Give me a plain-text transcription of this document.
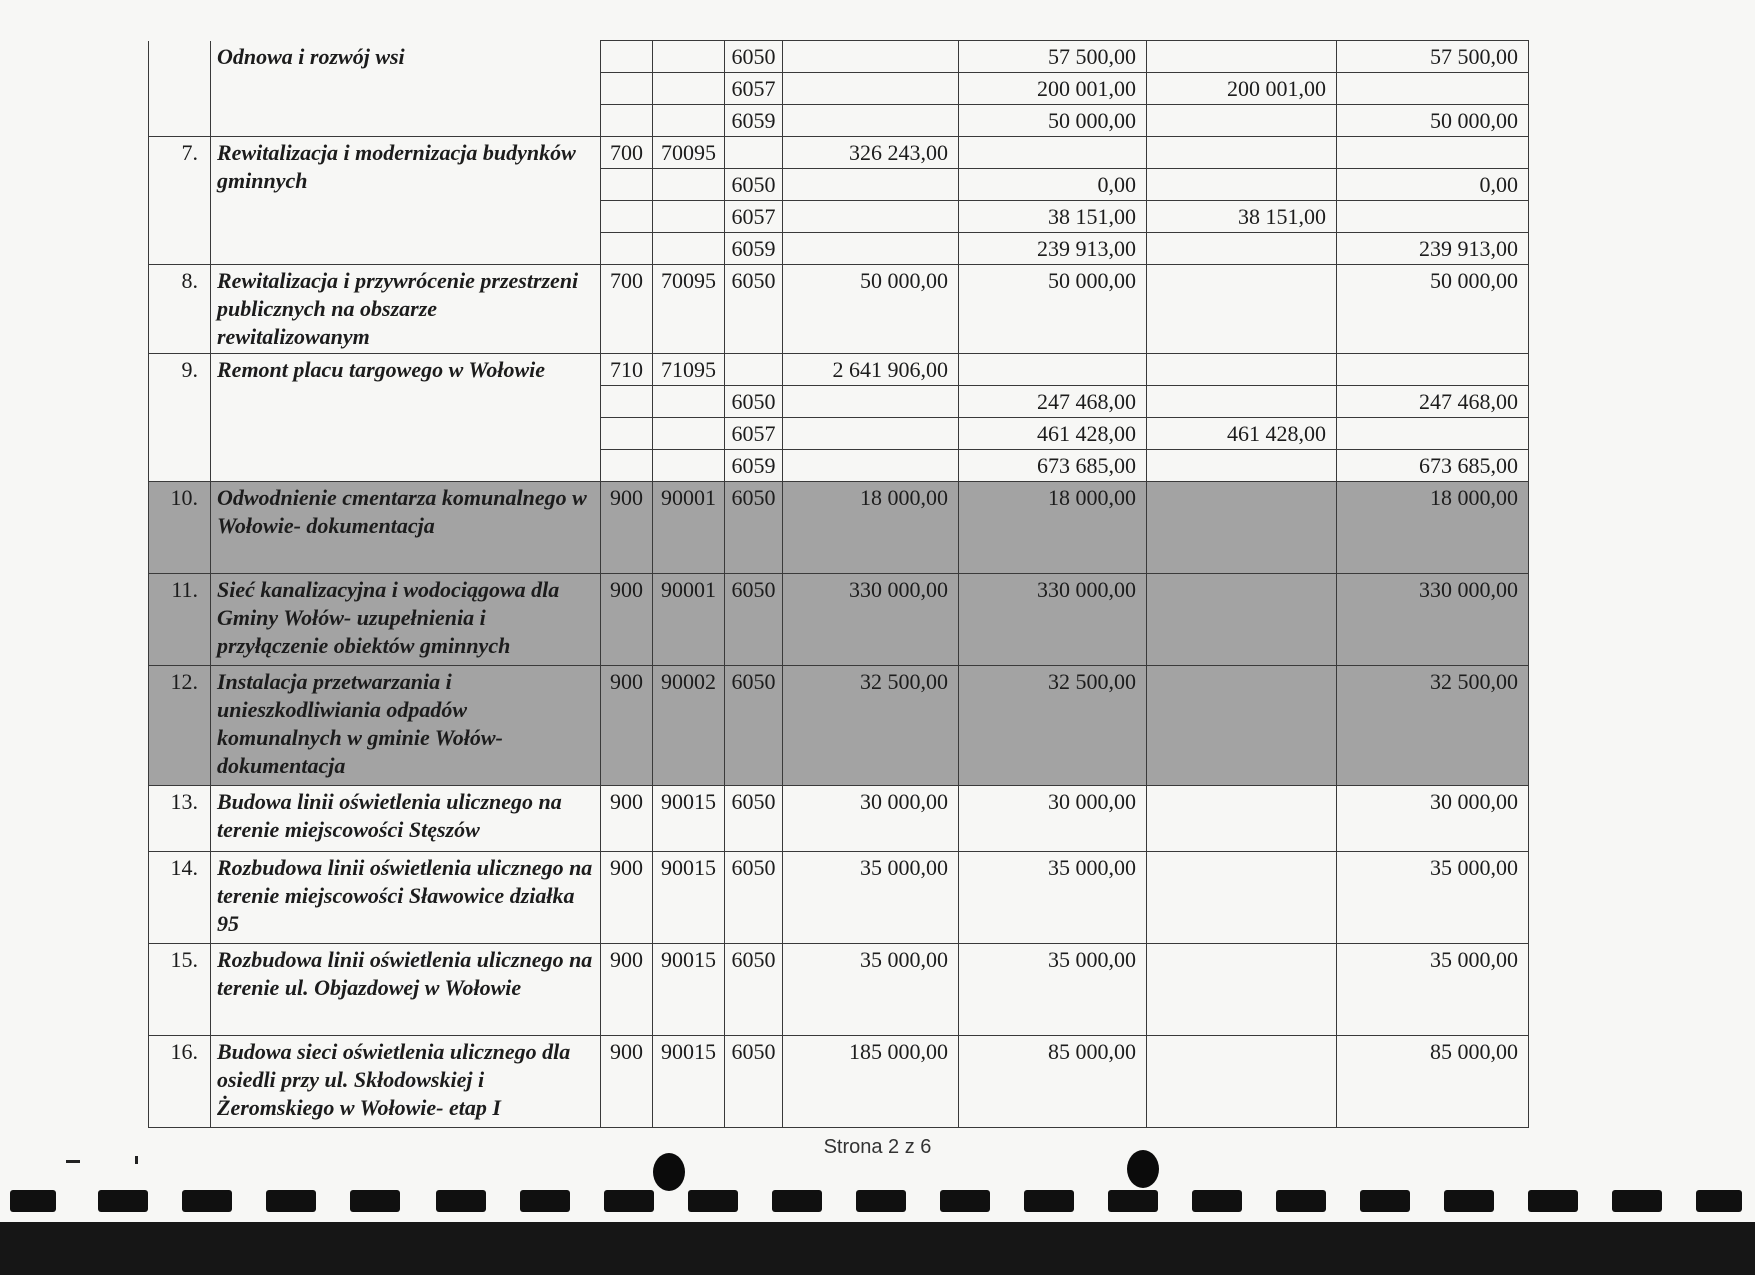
	Odnowa i rozwój wsi			6050		57 500,00		57 500,00
				6057		200 001,00	200 001,00	
				6059		50 000,00		50 000,00
7.	Rewitalizacja i modernizacja budynków gminnych	700	70095		326 243,00			
				6050		0,00		0,00
				6057		38 151,00	38 151,00	
				6059		239 913,00		239 913,00
8.	Rewitalizacja i przywrócenie przestrzeni publicznych na obszarze rewitalizowanym	700	70095	6050	50 000,00	50 000,00		50 000,00
9.	Remont placu targowego w Wołowie	710	71095		2 641 906,00			
				6050		247 468,00		247 468,00
				6057		461 428,00	461 428,00	
				6059		673 685,00		673 685,00
10.	Odwodnienie cmentarza komunalnego w Wołowie- dokumentacja	900	90001	6050	18 000,00	18 000,00		18 000,00
11.	Sieć kanalizacyjna i wodociągowa dla Gminy Wołów- uzupełnienia i przyłączenie obiektów gminnych	900	90001	6050	330 000,00	330 000,00		330 000,00
12.	Instalacja przetwarzania i unieszkodliwiania odpadów komunalnych w gminie Wołów- dokumentacja	900	90002	6050	32 500,00	32 500,00		32 500,00
13.	Budowa linii oświetlenia ulicznego na terenie miejscowości Stęszów	900	90015	6050	30 000,00	30 000,00		30 000,00
14.	Rozbudowa linii oświetlenia ulicznego na terenie miejscowości Sławowice działka 95	900	90015	6050	35 000,00	35 000,00		35 000,00
15.	Rozbudowa linii oświetlenia ulicznego na terenie ul. Objazdowej w Wołowie	900	90015	6050	35 000,00	35 000,00		35 000,00
16.	Budowa sieci oświetlenia ulicznego dla osiedli przy ul. Skłodowskiej i Żeromskiego w Wołowie- etap I	900	90015	6050	185 000,00	85 000,00		85 000,00
Strona 2 z 6
